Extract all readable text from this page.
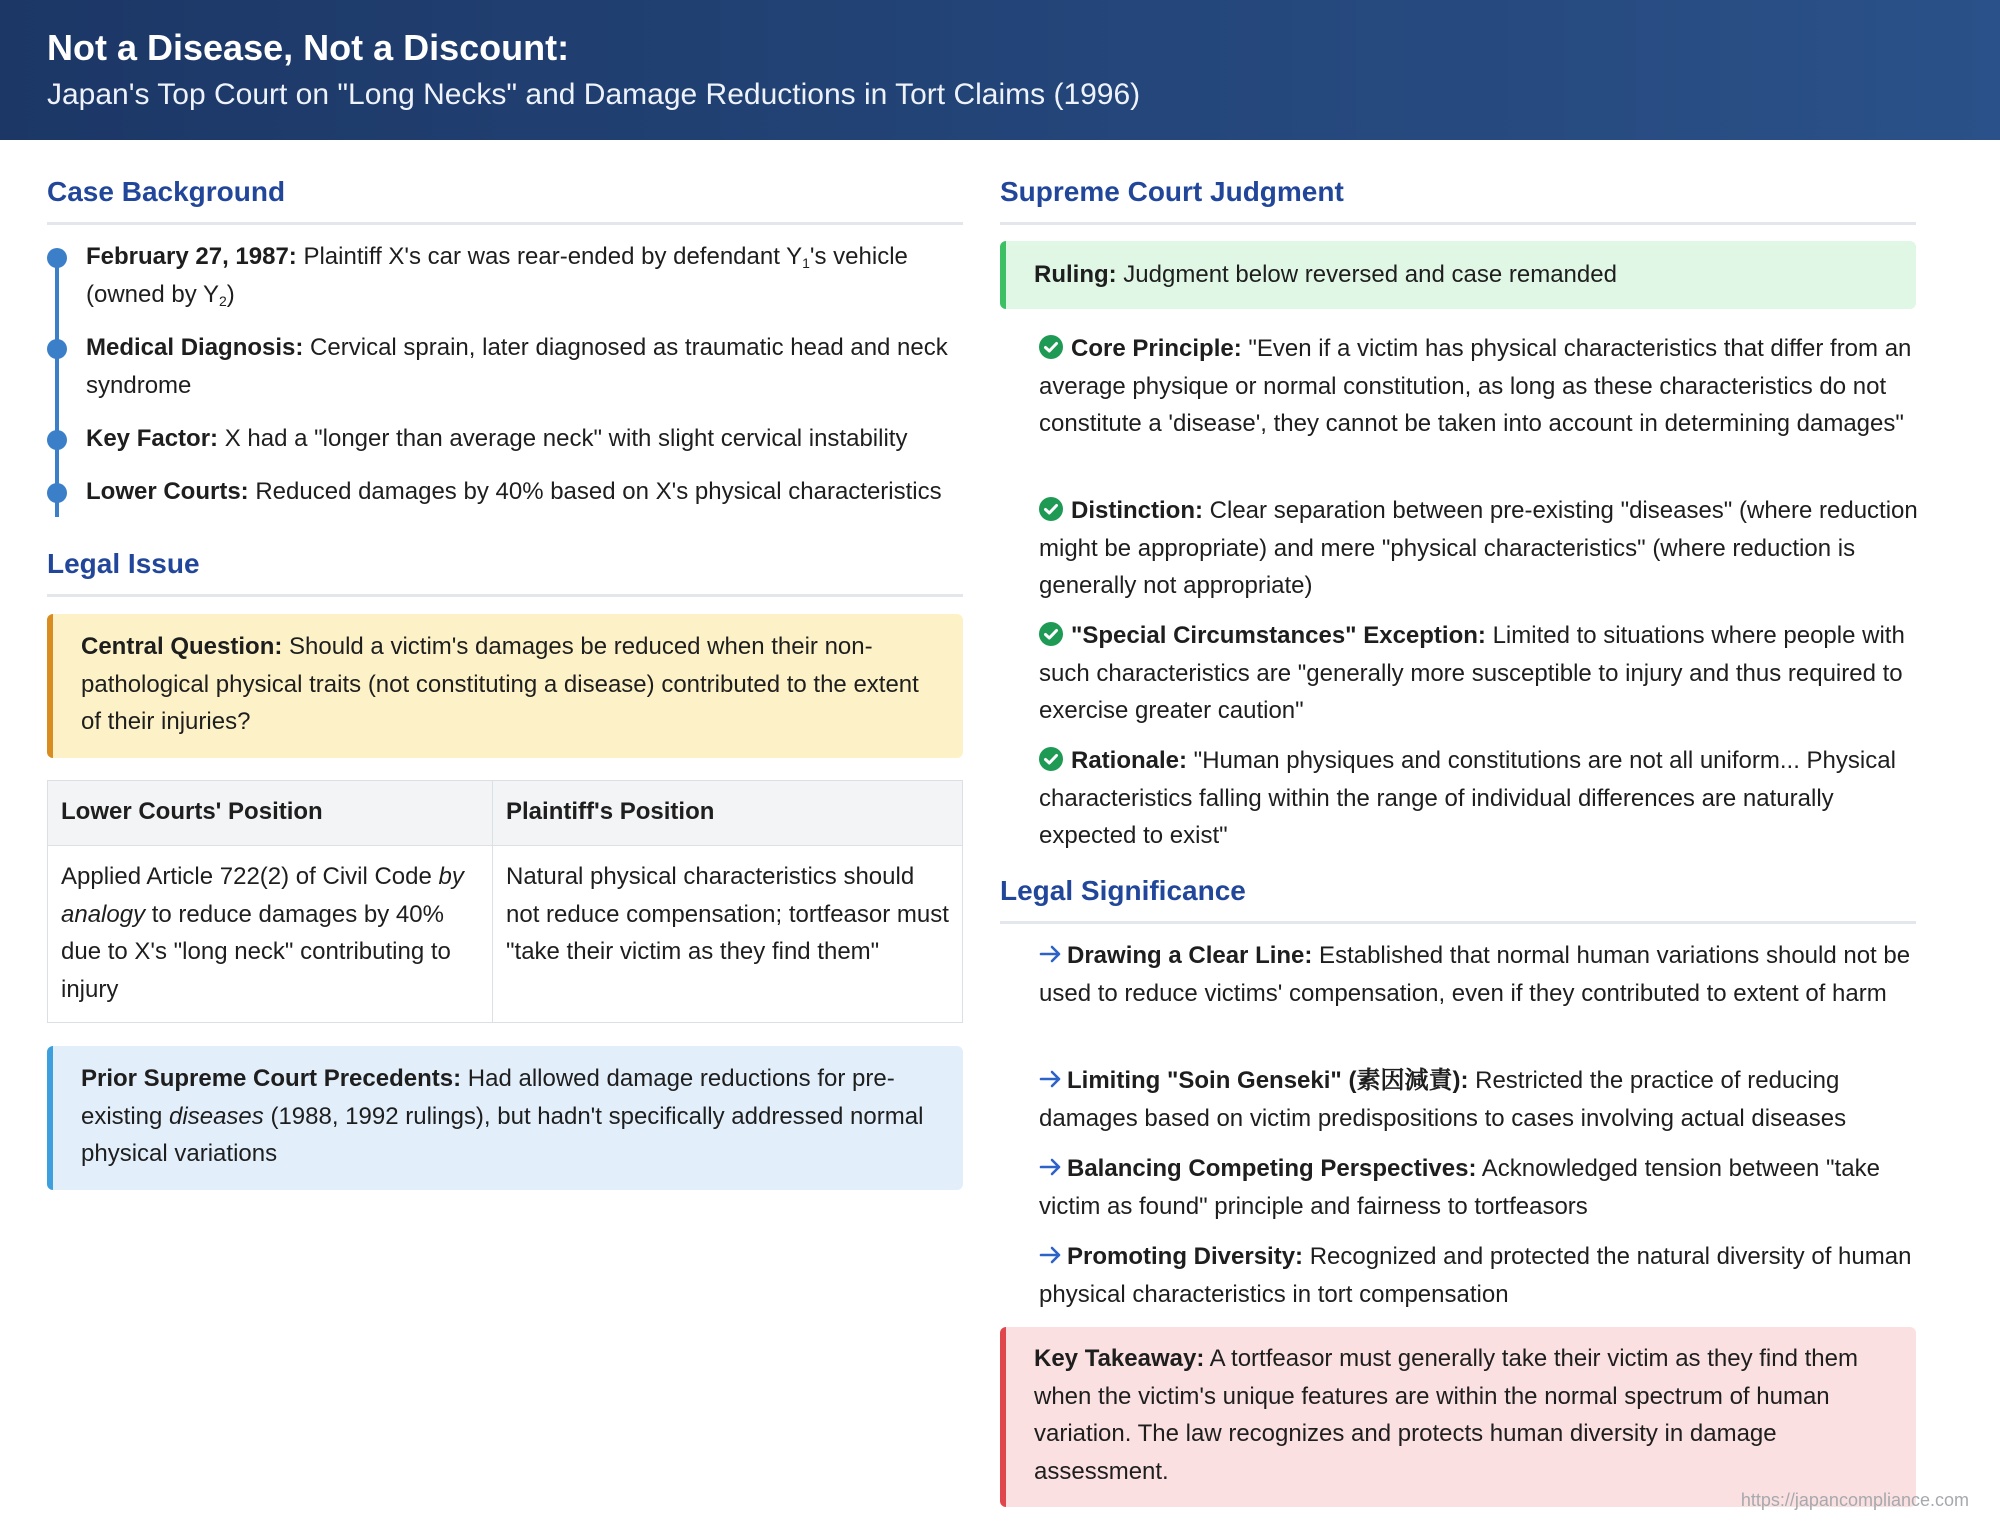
Not a Disease, Not a Discount:
Japan's Top Court on "Long Necks" and Damage Reductions in Tort Claims (1996)
Case Background
February 27, 1987: Plaintiff X's car was rear-ended by defendant $Y_1's$ vehicle (owned by $Y_2$)
Medical Diagnosis: Cervical sprain, later diagnosed as traumatic head and neck syndrome
Key Factor: X had a "longer than average neck" with slight cervical instability
Lower Courts: Reduced damages by 40% based on X's physical characteristics
Legal Issue
Central Question: Should a victim's damages be reduced when their non-pathological physical traits (not constituting a disease) contributed to the extent of their injuries?
Lower Courts' Position	Plaintiff's Position
Applied Article 722(2) of Civil Code by analogy to reduce damages by 40% due to X's "long neck" contributing to injury	Natural physical characteristics should not reduce compensation; tortfeasor must "take their victim as they find them"
Prior Supreme Court Precedents: Had allowed damage reductions for pre-existing diseases (1988, 1992 rulings), but hadn't specifically addressed normal physical variations
Supreme Court Judgment
Ruling: Judgment below reversed and case remanded
Core Principle: "Even if a victim has physical characteristics that differ from an average physique or normal constitution, as long as these characteristics do not constitute a 'disease', they cannot be taken into account in determining damages"
Distinction: Clear separation between pre-existing "diseases" (where reduction might be appropriate) and mere "physical characteristics" (where reduction is generally not appropriate)
"Special Circumstances" Exception: Limited to situations where people with such characteristics are "generally more susceptible to injury and thus required to exercise greater caution"
Rationale: "Human physiques and constitutions are not all uniform... Physical characteristics falling within the range of individual differences are naturally expected to exist"
Legal Significance
Drawing a Clear Line: Established that normal human variations should not be used to reduce victims' compensation, even if they contributed to extent of harm
Limiting "Soin Genseki" (素因減責): Restricted the practice of reducing damages based on victim predispositions to cases involving actual diseases
Balancing Competing Perspectives: Acknowledged tension between "take victim as found" principle and fairness to tortfeasors
Promoting Diversity: Recognized and protected the natural diversity of human physical characteristics in tort compensation
Key Takeaway: A tortfeasor must generally take their victim as they find them when the victim's unique features are within the normal spectrum of human variation. The law recognizes and protects human diversity in damage assessment.
https://japancompliance.com
